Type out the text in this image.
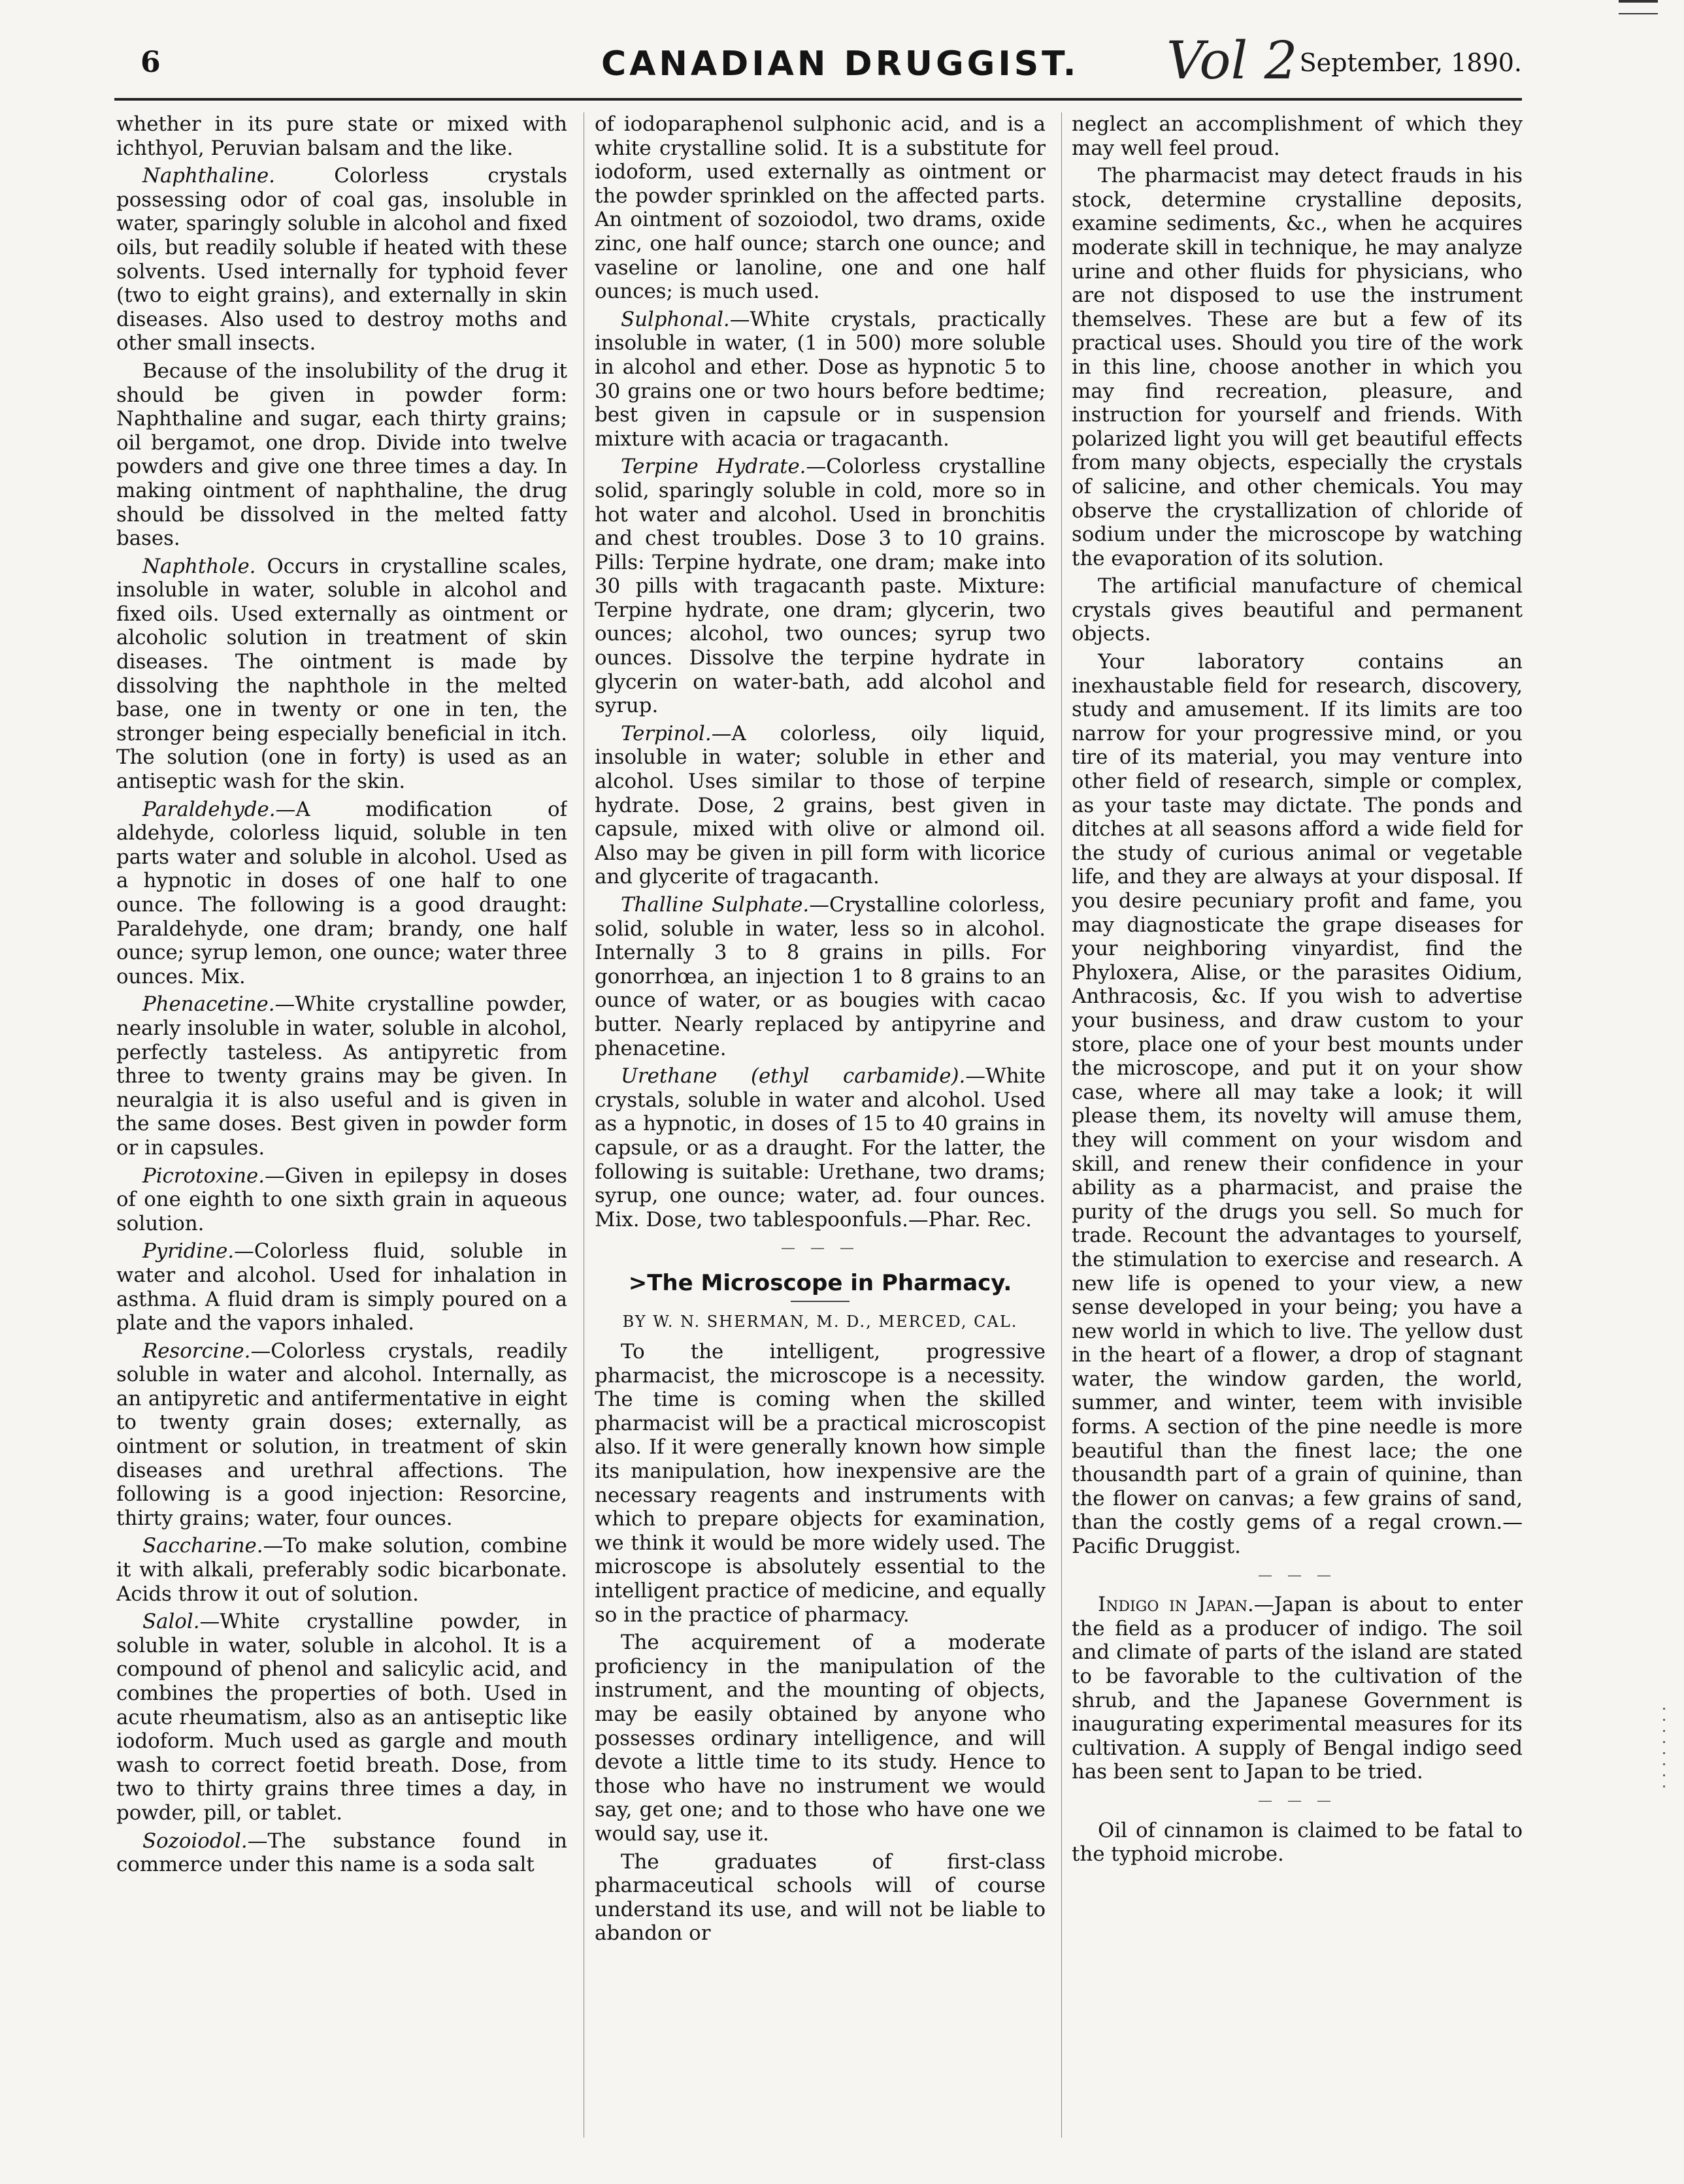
6	CANADIAN DRUGGIST. Vol 2 September, 1890.

whether in its pure state or mixed with ichthyol, Peruvian balsam and the like.

Naphthaline. Colorless crystals possessing odor of coal gas, insoluble in water, sparingly soluble in alcohol and fixed oils, but readily soluble if heated with these solvents. Used internally for typhoid fever (two to eight grains), and externally in skin diseases. Also used to destroy moths and other small insects.

Because of the insolubility of the drug it should be given in powder form: Naphthaline and sugar, each thirty grains; oil bergamot, one drop. Divide into twelve powders and give one three times a day. In making ointment of naphthaline, the drug should be dissolved in the melted fatty bases.

Naphthole. Occurs in crystalline scales, insoluble in water, soluble in alcohol and fixed oils. Used externally as ointment or alcoholic solution in treatment of skin diseases. The ointment is made by dissolving the naphthole in the melted base, one in twenty or one in ten, the stronger being especially beneficial in itch. The solution (one in forty) is used as an antiseptic wash for the skin.

Paraldehyde.—A modification of aldehyde, colorless liquid, soluble in ten parts water and soluble in alcohol. Used as a hypnotic in doses of one half to one ounce. The following is a good draught: Paraldehyde, one dram; brandy, one half ounce; syrup lemon, one ounce; water three ounces. Mix.

Phenacetine.—White crystalline powder, nearly insoluble in water, soluble in alcohol, perfectly tasteless. As antipyretic from three to twenty grains may be given. In neuralgia it is also useful and is given in the same doses. Best given in powder form or in capsules.

Picrotoxine.—Given in epilepsy in doses of one eighth to one sixth grain in aqueous solution.

Pyridine.—Colorless fluid, soluble in water and alcohol. Used for inhalation in asthma. A fluid dram is simply poured on a plate and the vapors inhaled.

Resorcine.—Colorless crystals, readily soluble in water and alcohol. Internally, as an antipyretic and antifermentative in eight to twenty grain doses; externally, as ointment or solution, in treatment of skin diseases and urethral affections. The following is a good injection: Resorcine, thirty grains; water, four ounces.

Saccharine.—To make solution, combine it with alkali, preferably sodic bicarbonate. Acids throw it out of solution.

Salol.—White crystalline powder, in soluble in water, soluble in alcohol. It is a compound of phenol and salicylic acid, and combines the properties of both. Used in acute rheumatism, also as an antiseptic like iodoform. Much used as gargle and mouth wash to correct foetid breath. Dose, from two to thirty grains three times a day, in powder, pill, or tablet.

Sozoiodol.—The substance found in commerce under this name is a soda salt

of iodoparaphenol sulphonic acid, and is a white crystalline solid. It is a substitute for iodoform, used externally as ointment or the powder sprinkled on the affected parts. An ointment of sozoiodol, two drams, oxide zinc, one half ounce; starch one ounce; and vaseline or lanoline, one and one half ounces; is much used.

Sulphonal.—White crystals, practically insoluble in water, (1 in 500) more soluble in alcohol and ether. Dose as hypnotic 5 to 30 grains one or two hours before bedtime; best given in capsule or in suspension mixture with acacia or tragacanth.

Terpine Hydrate.—Colorless crystalline solid, sparingly soluble in cold, more so in hot water and alcohol. Used in bronchitis and chest troubles. Dose 3 to 10 grains. Pills: Terpine hydrate, one dram; make into 30 pills with tragacanth paste. Mixture: Terpine hydrate, one dram; glycerin, two ounces; alcohol, two ounces; syrup two ounces. Dissolve the terpine hydrate in glycerin on water-bath, add alcohol and syrup.

Terpinol.—A colorless, oily liquid, insoluble in water; soluble in ether and alcohol. Uses similar to those of terpine hydrate. Dose, 2 grains, best given in capsule, mixed with olive or almond oil. Also may be given in pill form with licorice and glycerite of tragacanth.

Thalline Sulphate.—Crystalline colorless, solid, soluble in water, less so in alcohol. Internally 3 to 8 grains in pills. For gonorrhœa, an injection 1 to 8 grains to an ounce of water, or as bougies with cacao butter. Nearly replaced by antipyrine and phenacetine.

Urethane (ethyl carbamide).—White crystals, soluble in water and alcohol. Used as a hypnotic, in doses of 15 to 40 grains in capsule, or as a draught. For the latter, the following is suitable: Urethane, two drams; syrup, one ounce; water, ad. four ounces. Mix. Dose, two tablespoonfuls.—Phar. Rec.

— — —

>The Microscope in Pharmacy.

BY W. N. SHERMAN, M. D., MERCED, CAL.

To the intelligent, progressive pharmacist, the microscope is a necessity. The time is coming when the skilled pharmacist will be a practical microscopist also. If it were generally known how simple its manipulation, how inexpensive are the necessary reagents and instruments with which to prepare objects for examination, we think it would be more widely used. The microscope is absolutely essential to the intelligent practice of medicine, and equally so in the practice of pharmacy.

The acquirement of a moderate proficiency in the manipulation of the instrument, and the mounting of objects, may be easily obtained by anyone who possesses ordinary intelligence, and will devote a little time to its study. Hence to those who have no instrument we would say, get one; and to those who have one we would say, use it.

The graduates of first-class pharmaceutical schools will of course understand its use, and will not be liable to abandon or

neglect an accomplishment of which they may well feel proud.

The pharmacist may detect frauds in his stock, determine crystalline deposits, examine sediments, &c., when he acquires moderate skill in technique, he may analyze urine and other fluids for physicians, who are not disposed to use the instrument themselves. These are but a few of its practical uses. Should you tire of the work in this line, choose another in which you may find recreation, pleasure, and instruction for yourself and friends. With polarized light you will get beautiful effects from many objects, especially the crystals of salicine, and other chemicals. You may observe the crystallization of chloride of sodium under the microscope by watching the evaporation of its solution.

The artificial manufacture of chemical crystals gives beautiful and permanent objects.

Your laboratory contains an inexhaustable field for research, discovery, study and amusement. If its limits are too narrow for your progressive mind, or you tire of its material, you may venture into other field of research, simple or complex, as your taste may dictate. The ponds and ditches at all seasons afford a wide field for the study of curious animal or vegetable life, and they are always at your disposal. If you desire pecuniary profit and fame, you may diagnosticate the grape diseases for your neighboring vinyardist, find the Phyloxera, Alise, or the parasites Oidium, Anthracosis, &c. If you wish to advertise your business, and draw custom to your store, place one of your best mounts under the microscope, and put it on your show case, where all may take a look; it will please them, its novelty will amuse them, they will comment on your wisdom and skill, and renew their confidence in your ability as a pharmacist, and praise the purity of the drugs you sell. So much for trade. Recount the advantages to yourself, the stimulation to exercise and research. A new life is opened to your view, a new sense developed in your being; you have a new world in which to live. The yellow dust in the heart of a flower, a drop of stagnant water, the window garden, the world, summer, and winter, teem with invisible forms. A section of the pine needle is more beautiful than the finest lace; the one thousandth part of a grain of quinine, than the flower on canvas; a few grains of sand, than the costly gems of a regal crown.—Pacific Druggist.

— — —

Indigo in Japan.—Japan is about to enter the field as a producer of indigo. The soil and climate of parts of the island are stated to be favorable to the cultivation of the shrub, and the Japanese Government is inaugurating experimental measures for its cultivation. A supply of Bengal indigo seed has been sent to Japan to be tried.

— — —

Oil of cinnamon is claimed to be fatal to the typhoid microbe.
